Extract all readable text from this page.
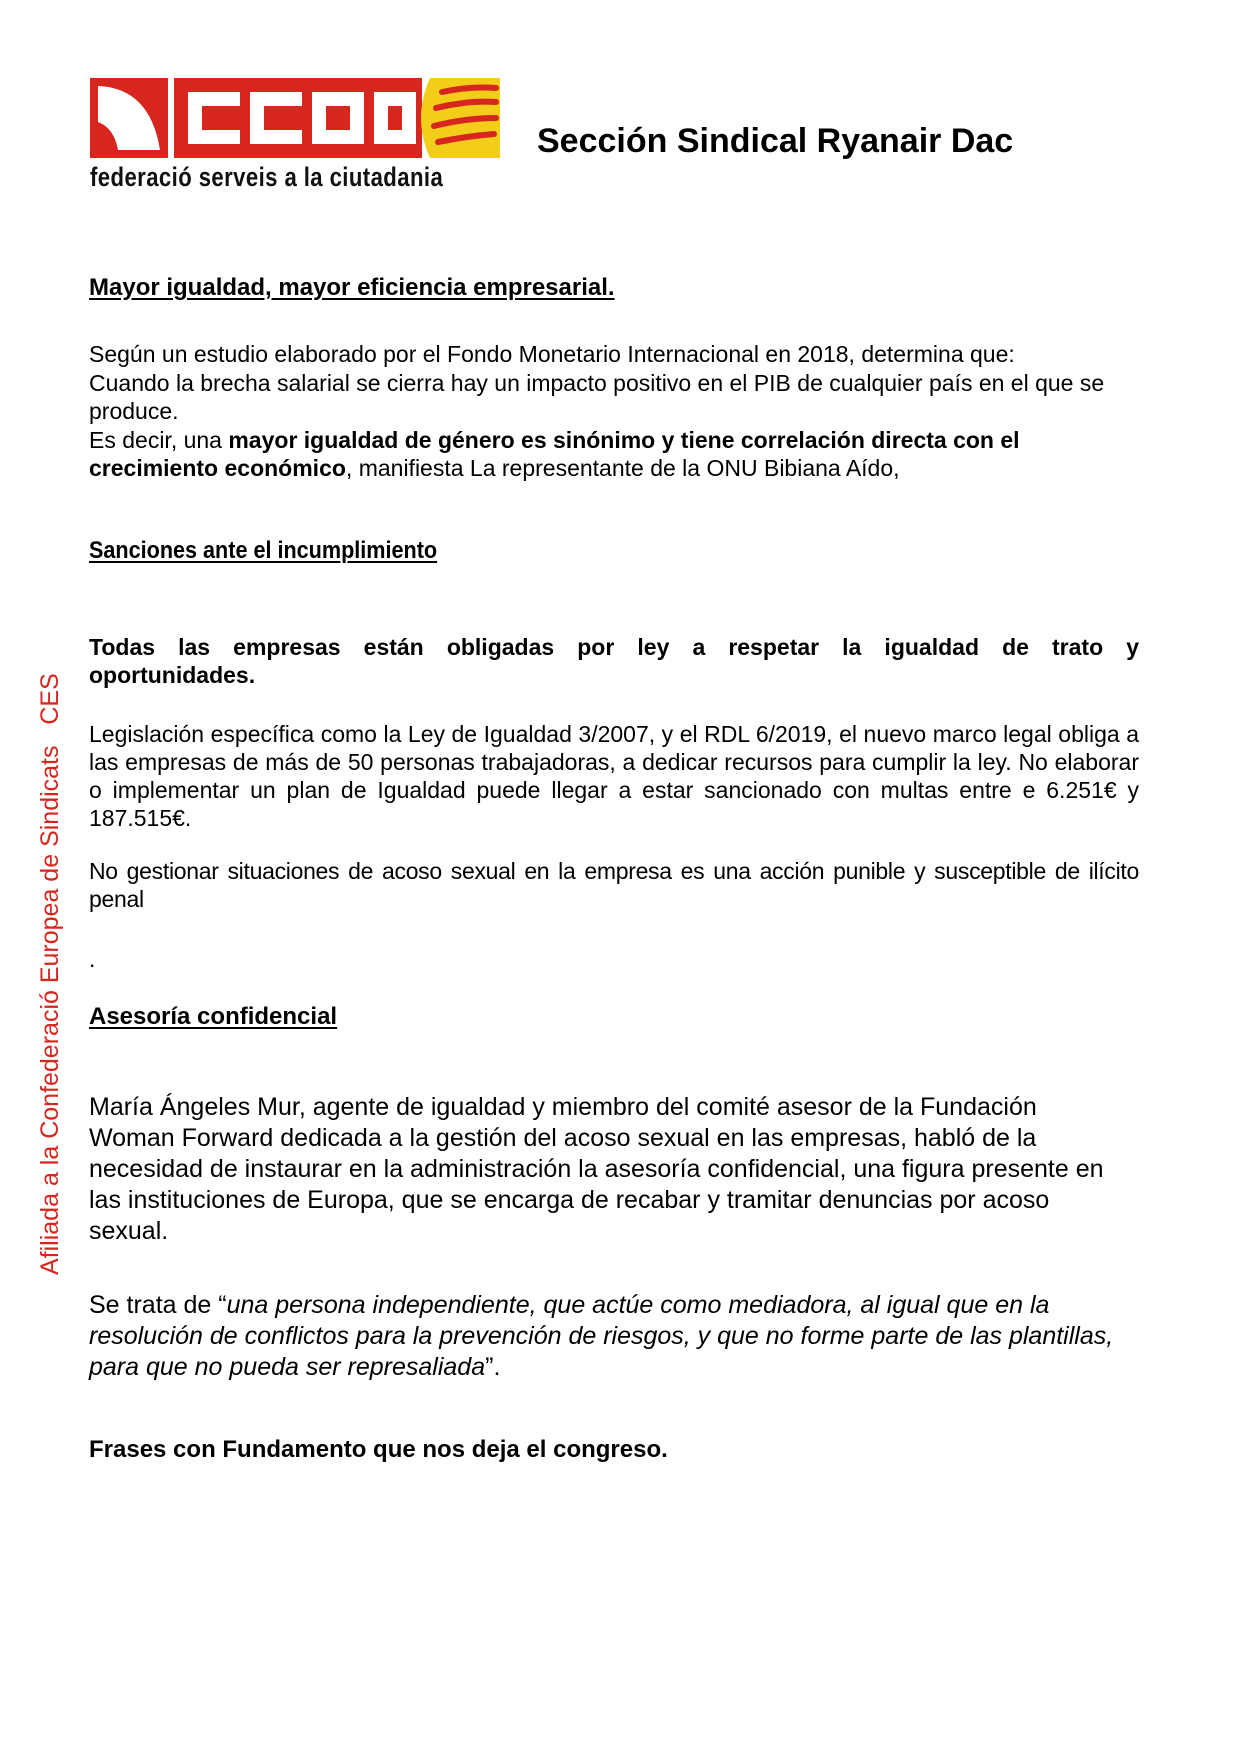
federació serveis a la ciutadania
Sección Sindical Ryanair Dac
Afiliada a la Confederació Europea de Sindicats   CES
Mayor igualdad, mayor eficiencia empresarial.

Según un estudio elaborado por el Fondo Monetario Internacional en 2018, determina que:
Cuando la brecha salarial se cierra hay un impacto positivo en el PIB de cualquier país en el que se produce.
Es decir, una mayor igualdad de género es sinónimo y tiene correlación directa con el crecimiento económico, manifiesta La representante de la ONU Bibiana Aído,

Sanciones ante el incumplimiento

Todas las empresas están obligadas por ley a respetar la igualdad de trato y oportunidades.

Legislación específica como la Ley de Igualdad 3/2007, y el RDL 6/2019, el nuevo marco legal obliga a las empresas de más de 50 personas trabajadoras, a dedicar recursos para cumplir la ley. No elaborar o implementar un plan de Igualdad puede llegar a estar sancionado con multas entre e 6.251€ y 187.515€.

No gestionar situaciones de acoso sexual en la empresa es una acción punible y susceptible de ilícito penal

.
Asesoría confidencial

María Ángeles Mur, agente de igualdad y miembro del comité asesor de la Fundación Woman Forward dedicada a la gestión del acoso sexual en las empresas, habló de la necesidad de instaurar en la administración la asesoría confidencial, una figura presente en las instituciones de Europa, que se encarga de recabar y tramitar denuncias por acoso sexual.

Se trata de “una persona independiente, que actúe como mediadora, al igual que en la resolución de conflictos para la prevención de riesgos, y que no forme parte de las plantillas, para que no pueda ser represaliada”.

Frases con Fundamento que nos deja el congreso.
